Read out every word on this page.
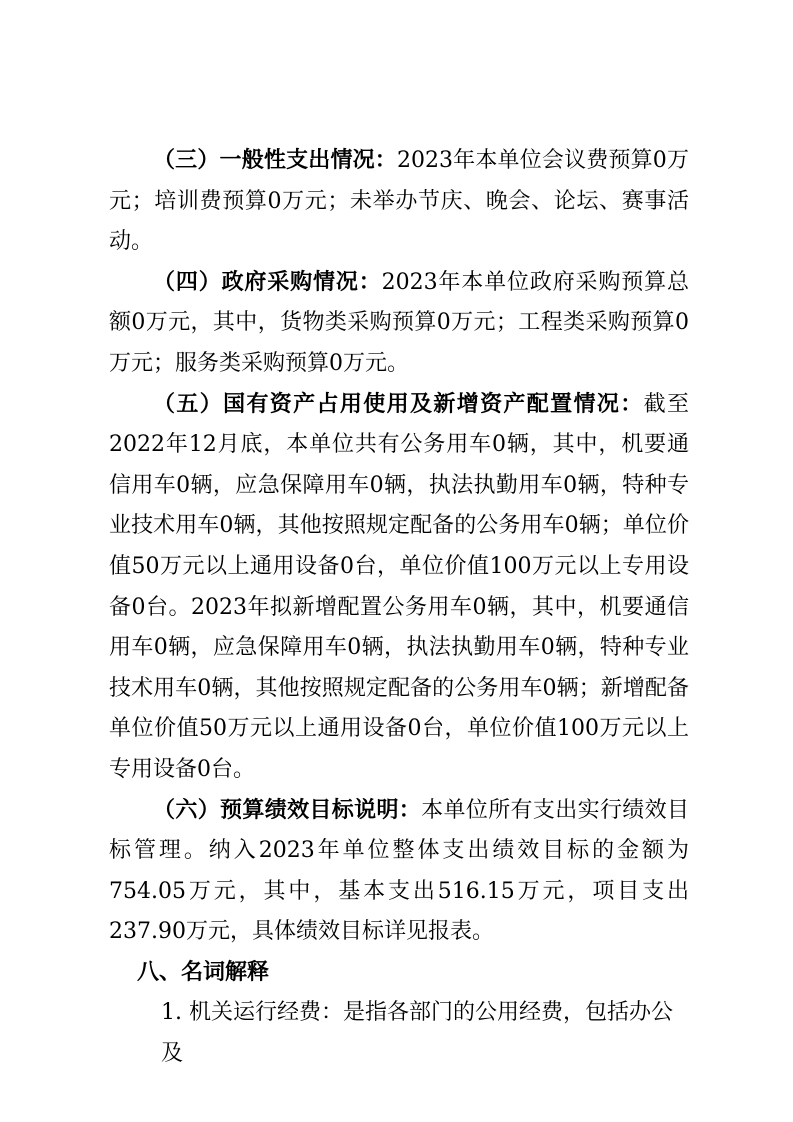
（三）一般性支出情况：2023年本单位会议费预算0万元；培训费预算0万元；未举办节庆、晚会、论坛、赛事活动。

（四）政府采购情况：2023年本单位政府采购预算总额0万元，其中，货物类采购预算0万元；工程类采购预算0万元；服务类采购预算0万元。

（五）国有资产占用使用及新增资产配置情况：截至2022年12月底，本单位共有公务用车0辆，其中，机要通信用车0辆，应急保障用车0辆，执法执勤用车0辆，特种专业技术用车0辆，其他按照规定配备的公务用车0辆；单位价值50万元以上通用设备0台，单位价值100万元以上专用设备0台。2023年拟新增配置公务用车0辆，其中，机要通信用车0辆，应急保障用车0辆，执法执勤用车0辆，特种专业技术用车0辆，其他按照规定配备的公务用车0辆；新增配备单位价值50万元以上通用设备0台，单位价值100万元以上专用设备0台。

（六）预算绩效目标说明：本单位所有支出实行绩效目标管理。纳入2023年单位整体支出绩效目标的金额为754.05万元，其中，基本支出516.15万元，项目支出237.90万元，具体绩效目标详见报表。

八、名词解释

1. 机关运行经费：是指各部门的公用经费，包括办公及
